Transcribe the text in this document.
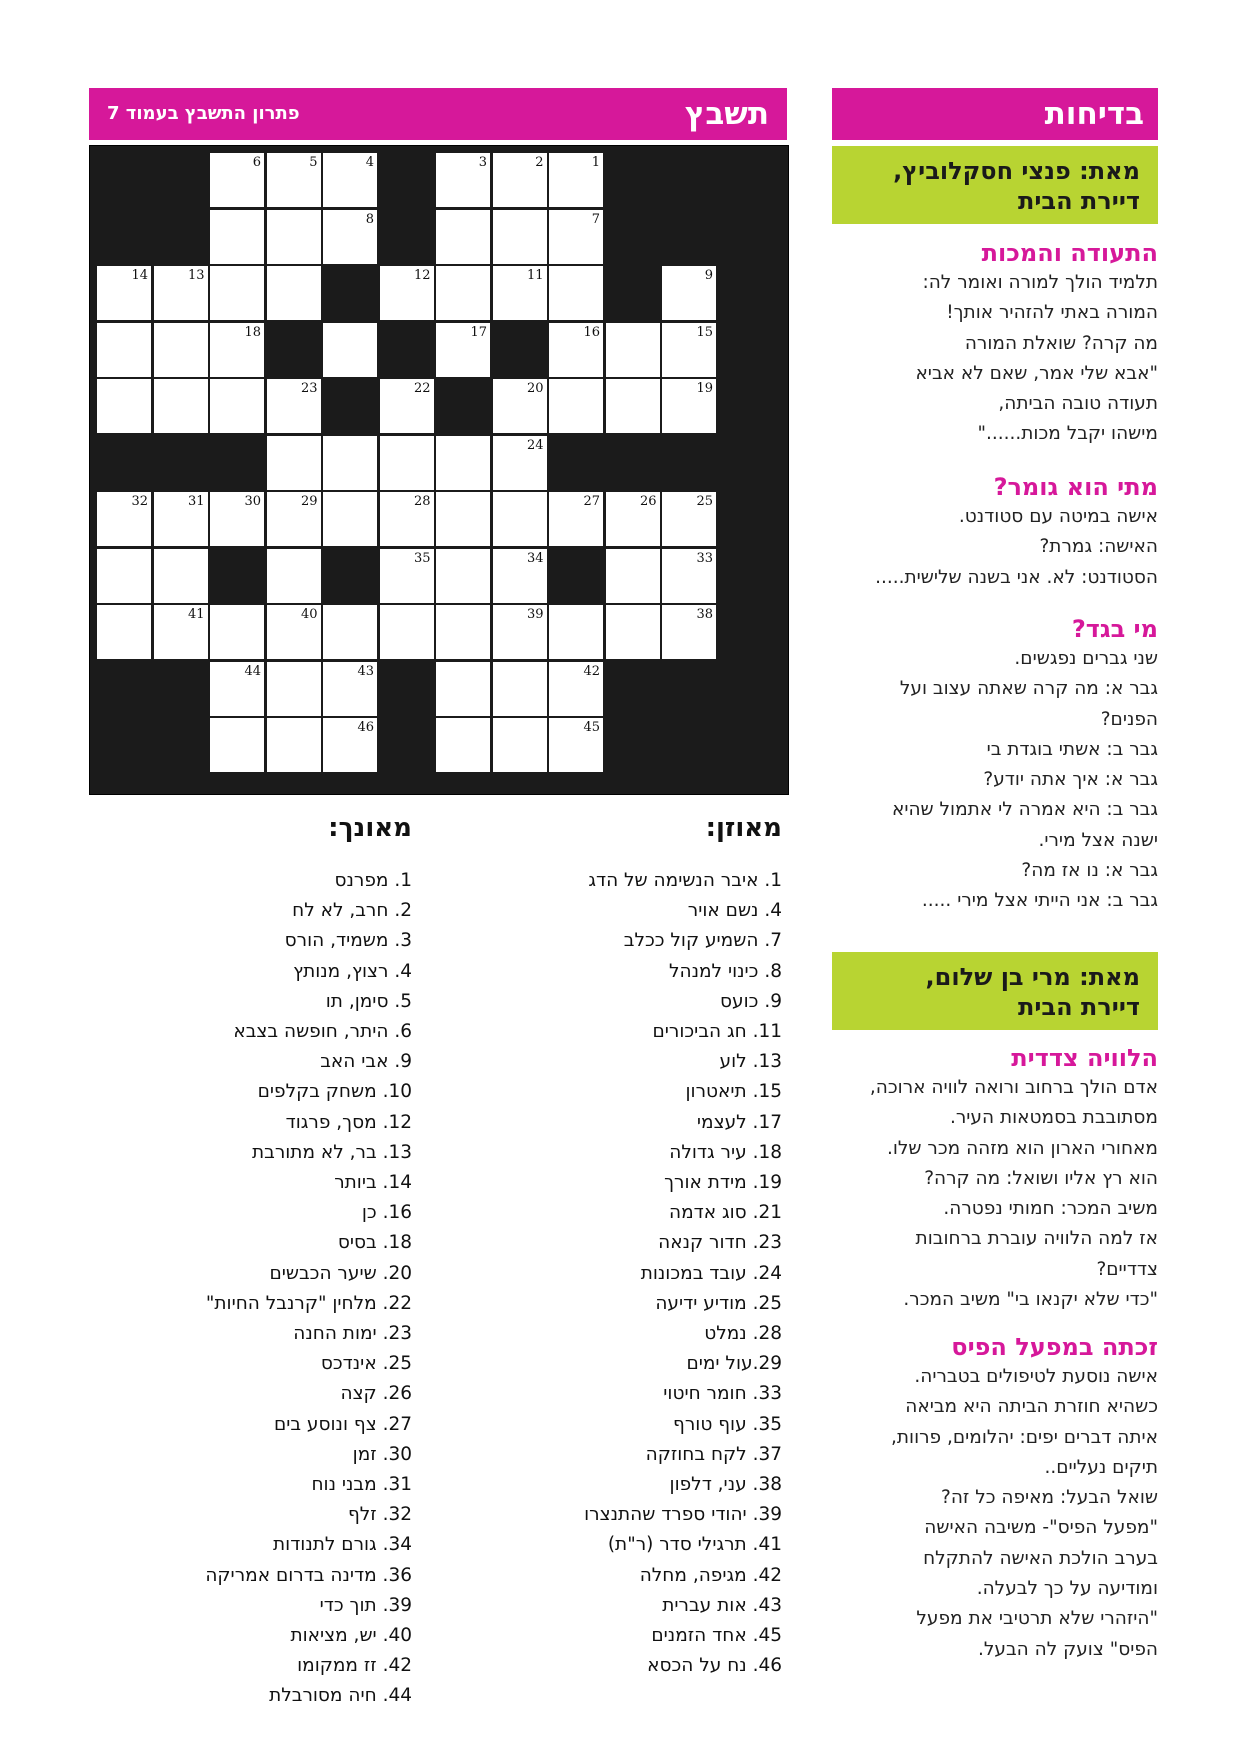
בדיחות
מאת: פנצי חסקלוביץ,
דיירת הבית
התעודה והמכות

תלמיד הולך למורה ואומר לה:
המורה באתי להזהיר אותך!
מה קרה? שואלת המורה
"אבא שלי אמר, שאם לא אביא
תעודה טובה הביתה,
מישהו יקבל מכות......"

מתי הוא גומר?

אישה במיטה עם סטודנט.
האישה: גמרת?
הסטודנט: לא. אני בשנה שלישית.....

מי בגד?

שני גברים נפגשים.
גבר א: מה קרה שאתה עצוב ועל
הפנים?
גבר ב: אשתי בוגדת בי
גבר א: איך אתה יודע?
גבר ב: היא אמרה לי אתמול שהיא
ישנה אצל מירי.
גבר א: נו אז מה?
גבר ב: אני הייתי אצל מירי .....

מאת: מרי בן שלום,
דיירת הבית
הלוויה צדדית

אדם הולך ברחוב ורואה לוויה ארוכה,
מסתובבת בסמטאות העיר.
מאחורי הארון הוא מזהה מכר שלו.
הוא רץ אליו ושואל: מה קרה?
משיב המכר: חמותי נפטרה.
אז למה הלוויה עוברת ברחובות
צדדיים?
"כדי שלא יקנאו בי" משיב המכר.

זכתה במפעל הפיס

אישה נוסעת לטיפולים בטבריה.
כשהיא חוזרת הביתה היא מביאה
איתה דברים יפים: יהלומים, פרוות,
תיקים נעליים..
שואל הבעל: מאיפה כל זה?
"מפעל הפיס"- משיבה האישה
בערב הולכת האישה להתקלח
ומודיעה על כך לבעלה.
"היזהרי שלא תרטיבי את מפעל
הפיס" צועק לה הבעל.

תשבץ
פתרון התשבץ בעמוד 7
6	5	4	3	2	1
8	7
14	13	12	11	9
18	17	16	15
23	22	20	19
24
32	31	30	29	28	27	26	25
35	34	33
41	40	39	38
44	43	42
46	45
מאוזן:
1. איבר הנשימה של הדג
4. נשם אויר
7. השמיע קול ככלב
8. כינוי למנהל
9. כועס
11. חג הביכורים
13. לוע
15. תיאטרון
17. לעצמי
18. עיר גדולה
19. מידת אורך
21. סוג אדמה
23. חדור קנאה
24. עובד במכונות
25. מודיע ידיעה
28. נמלט
29.עול ימים
33. חומר חיטוי
35. עוף טורף
37. לקח בחוזקה
38. עני, דלפון
39. יהודי ספרד שהתנצרו
41. תרגילי סדר (ר"ת)
42. מגיפה, מחלה
43. אות עברית
45. אחד הזמנים
46. נח על הכסא
מאונך:
1. מפרנס
2. חרב, לא לח
3. משמיד, הורס
4. רצוץ, מנותץ
5. סימן, תו
6. היתר, חופשה בצבא
9. אבי האב
10. משחק בקלפים
12. מסך, פרגוד
13. בר, לא מתורבת
14. ביותר
16. כן
18. בסיס
20. שיער הכבשים
22. מלחין "קרנבל החיות"
23. ימות החנה
25. אינדכס
26. קצה
27. צף ונוסע בים
30. זמן
31. מבני נוח
32. זלף
34. גורם לתנודות
36. מדינה בדרום אמריקה
39. תוך כדי
40. יש, מציאות
42. זז ממקומו
44. חיה מסורבלת
